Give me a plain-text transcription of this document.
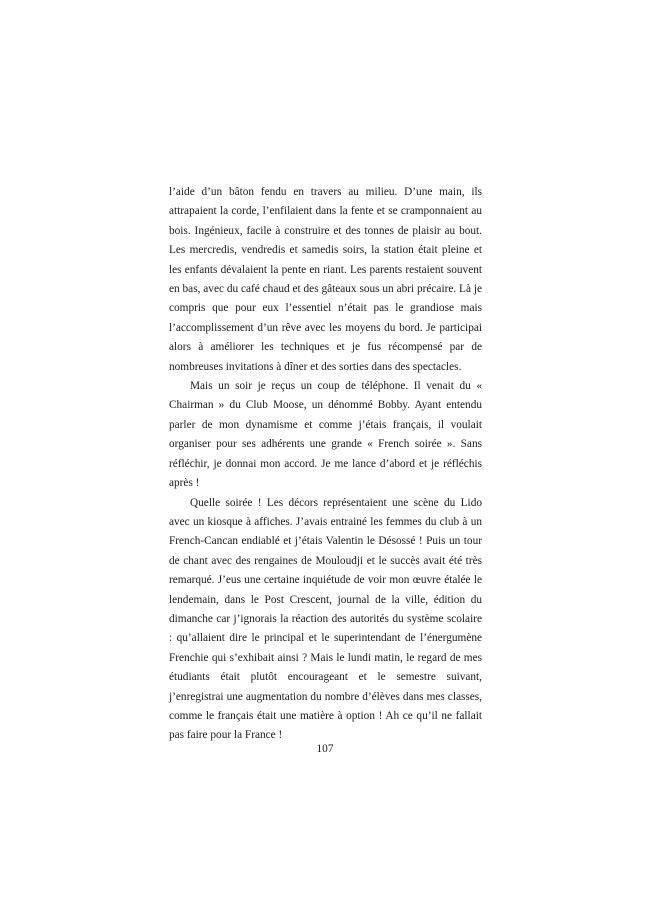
l’aide d’un bâton fendu en travers au milieu. D’une main, ils attrapaient la corde, l’enfilaient dans la fente et se cramponnaient au bois. Ingénieux, facile à construire et des tonnes de plaisir au bout. Les mercredis, vendredis et samedis soirs, la station était pleine et les enfants dévalaient la pente en riant. Les parents restaient souvent en bas, avec du café chaud et des gâteaux sous un abri précaire. Là je compris que pour eux l’essentiel n’était pas le grandiose mais l’accomplissement d’un rêve avec les moyens du bord. Je participai alors à améliorer les techniques et je fus récompensé par de nombreuses invitations à dîner et des sorties dans des spectacles.

Mais un soir je reçus un coup de téléphone. Il venait du « Chairman » du Club Moose, un dénommé Bobby. Ayant entendu parler de mon dynamisme et comme j’étais français, il voulait organiser pour ses adhérents une grande « French soirée ». Sans réfléchir, je donnai mon accord. Je me lance d’abord et je réfléchis après !

Quelle soirée ! Les décors représentaient une scène du Lido avec un kiosque à affiches. J’avais entrainé les femmes du club à un French-Cancan endiablé et j’étais Valentin le Désossé ! Puis un tour de chant avec des rengaines de Mouloudji et le succès avait été très remarqué. J’eus une certaine inquiétude de voir mon œuvre étalée le lendemain, dans le Post Crescent, journal de la ville, édition du dimanche car j’ignorais la réaction des autorités du système scolaire : qu’allaient dire le principal et le superintendant de l’énergumène Frenchie qui s’exhibait ainsi ? Mais le lundi matin, le regard de mes étudiants était plutôt encourageant et le semestre suivant, j’enregistrai une augmentation du nombre d’élèves dans mes classes, comme le français était une matière à option ! Ah ce qu’il ne fallait pas faire pour la France !

107
